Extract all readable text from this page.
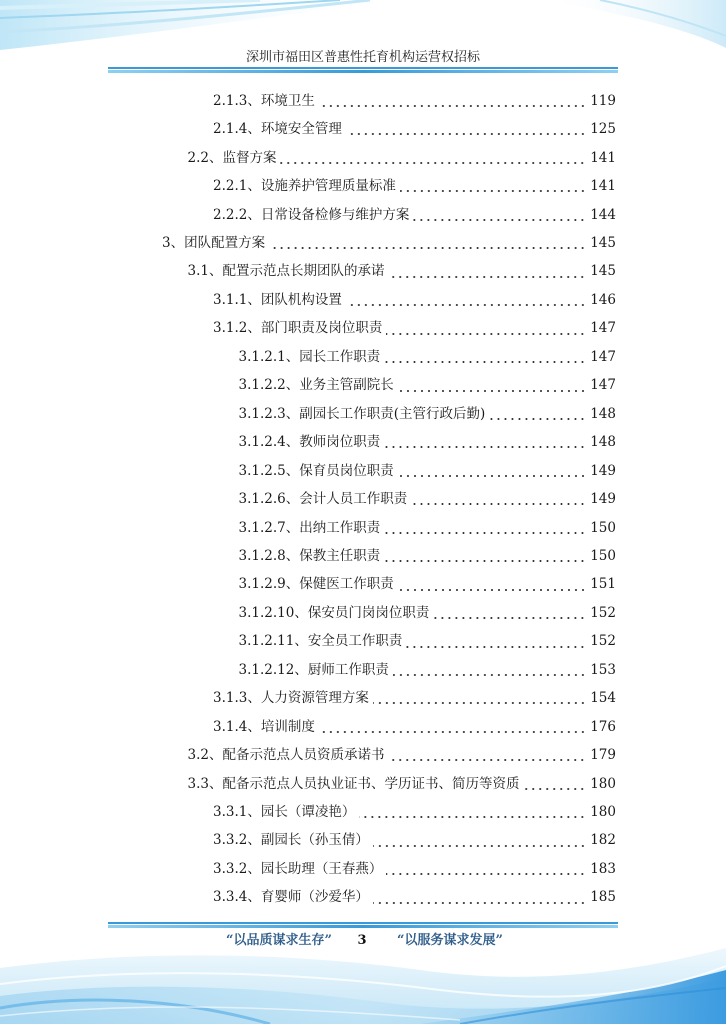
深圳市福田区普惠性托育机构运营权招标
2.1.3、环境卫生	119
2.1.4、环境安全管理	125
2.2、监督方案	141
2.2.1、设施养护管理质量标准	141
2.2.2、日常设备检修与维护方案	144
3、团队配置方案	145
3.1、配置示范点长期团队的承诺	145
3.1.1、团队机构设置	146
3.1.2、部门职责及岗位职责	147
3.1.2.1、园长工作职责	147
3.1.2.2、业务主管副院长	147
3.1.2.3、副园长工作职责(主管行政后勤)	148
3.1.2.4、教师岗位职责	148
3.1.2.5、保育员岗位职责	149
3.1.2.6、会计人员工作职责	149
3.1.2.7、出纳工作职责	150
3.1.2.8、保教主任职责	150
3.1.2.9、保健医工作职责	151
3.1.2.10、保安员门岗岗位职责	152
3.1.2.11、安全员工作职责	152
3.1.2.12、厨师工作职责	153
3.1.3、人力资源管理方案	154
3.1.4、培训制度	176
3.2、配备示范点人员资质承诺书	179
3.3、配备示范点人员执业证书、学历证书、简历等资质	180
3.3.1、园长（谭凌艳）	180
3.3.2、副园长（孙玉倩）	182
3.3.2、园长助理（王春燕）	183
3.3.4、育婴师（沙爱华）	185
“以品质谋求生存”	3	“以服务谋求发展”
